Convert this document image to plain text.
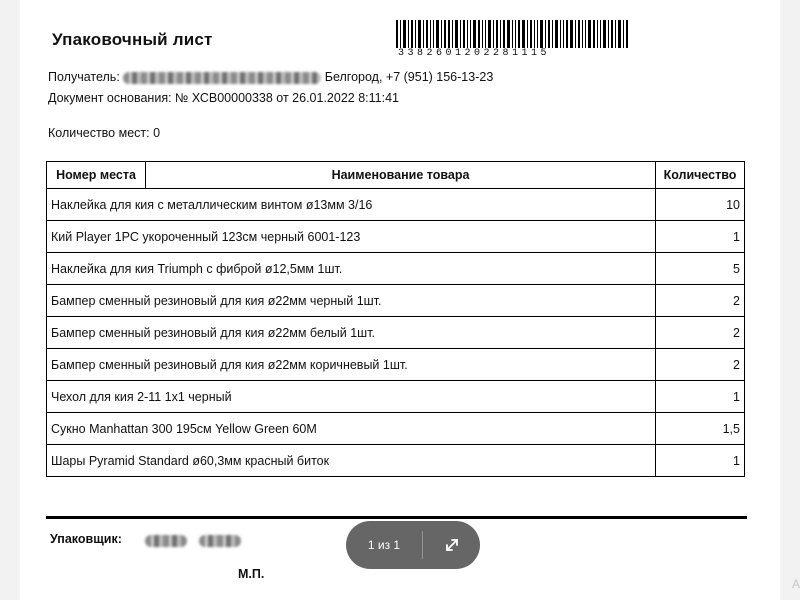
Упаковочный лист
3382601202281115
Получатель:	Белгород, +7 (951) 156-13-23
Документ основания: № ХСВ00000338 от 26.01.2022 8:11:41
Количество мест: 0
Номер места	Наименование товара	Количество
Наклейка для кия с металлическим винтом ø13мм 3/16		10
Кий Player 1PC укороченный 123см черный 6001-123		1
Наклейка для кия Triumph с фиброй ø12,5мм 1шт.		5
Бампер сменный резиновый для кия ø22мм черный 1шт.		2
Бампер сменный резиновый для кия ø22мм белый 1шт.		2
Бампер сменный резиновый для кия ø22мм коричневый 1шт.		2
Чехол для кия 2-11 1х1 черный		1
Сукно Manhattan 300 195см Yellow Green 60M		1,5
Шары Pyramid Standard ø60,3мм красный биток		1
Упаковщик:

М.П.
1 из 1
А
